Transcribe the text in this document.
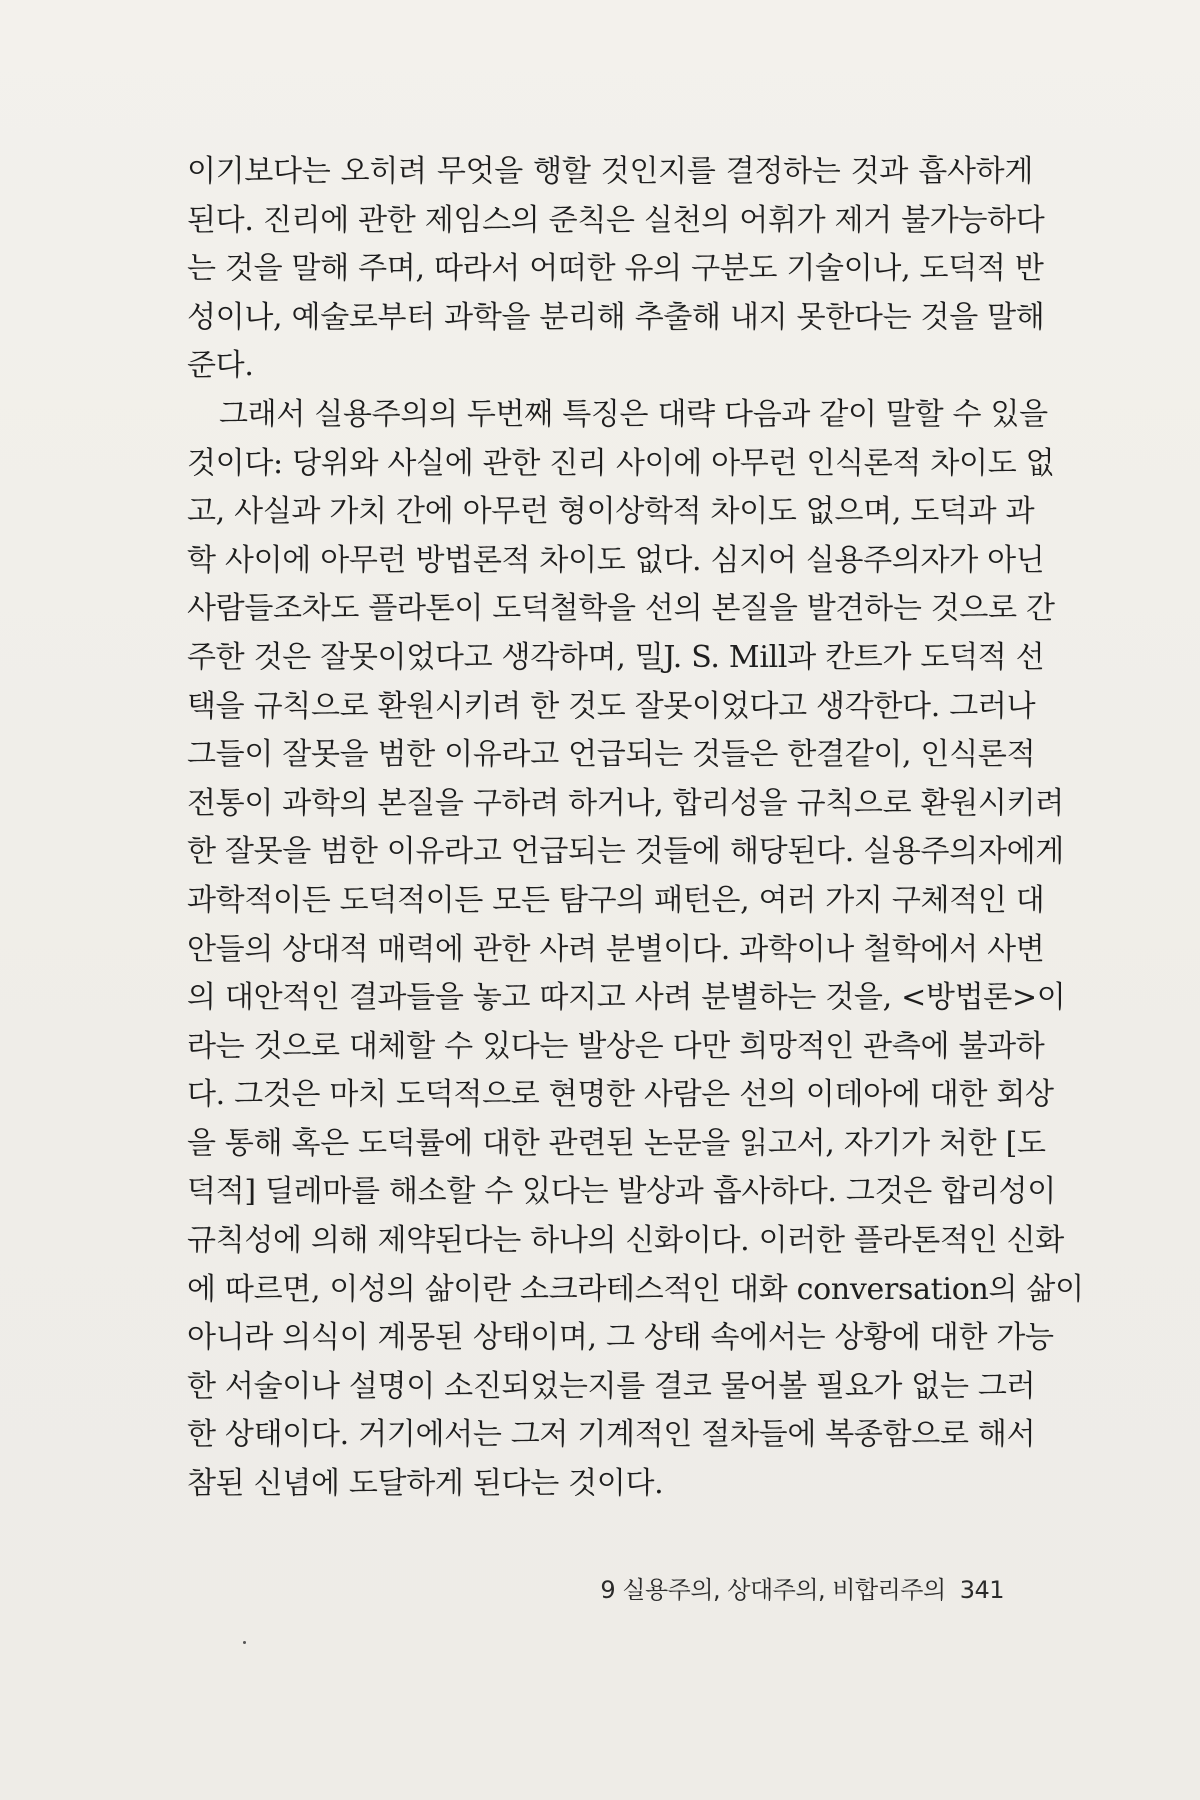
이기보다는 오히려 무엇을 행할 것인지를 결정하는 것과 흡사하게
된다. 진리에 관한 제임스의 준칙은 실천의 어휘가 제거 불가능하다
는 것을 말해 주며, 따라서 어떠한 유의 구분도 기술이나, 도덕적 반
성이나, 예술로부터 과학을 분리해 추출해 내지 못한다는 것을 말해
준다.
그래서 실용주의의 두번째 특징은 대략 다음과 같이 말할 수 있을
것이다: 당위와 사실에 관한 진리 사이에 아무런 인식론적 차이도 없
고, 사실과 가치 간에 아무런 형이상학적 차이도 없으며, 도덕과 과
학 사이에 아무런 방법론적 차이도 없다. 심지어 실용주의자가 아닌
사람들조차도 플라톤이 도덕철학을 선의 본질을 발견하는 것으로 간
주한 것은 잘못이었다고 생각하며, 밀J. S. Mill과 칸트가 도덕적 선
택을 규칙으로 환원시키려 한 것도 잘못이었다고 생각한다. 그러나
그들이 잘못을 범한 이유라고 언급되는 것들은 한결같이, 인식론적
전통이 과학의 본질을 구하려 하거나, 합리성을 규칙으로 환원시키려
한 잘못을 범한 이유라고 언급되는 것들에 해당된다. 실용주의자에게
과학적이든 도덕적이든 모든 탐구의 패턴은, 여러 가지 구체적인 대
안들의 상대적 매력에 관한 사려 분별이다. 과학이나 철학에서 사변
의 대안적인 결과들을 놓고 따지고 사려 분별하는 것을, <방법론>이
라는 것으로 대체할 수 있다는 발상은 다만 희망적인 관측에 불과하
다. 그것은 마치 도덕적으로 현명한 사람은 선의 이데아에 대한 회상
을 통해 혹은 도덕률에 대한 관련된 논문을 읽고서, 자기가 처한 [도
덕적] 딜레마를 해소할 수 있다는 발상과 흡사하다. 그것은 합리성이
규칙성에 의해 제약된다는 하나의 신화이다. 이러한 플라톤적인 신화
에 따르면, 이성의 삶이란 소크라테스적인 대화 conversation의 삶이
아니라 의식이 계몽된 상태이며, 그 상태 속에서는 상황에 대한 가능
한 서술이나 설명이 소진되었는지를 결코 물어볼 필요가 없는 그러
한 상태이다. 거기에서는 그저 기계적인 절차들에 복종함으로 해서
참된 신념에 도달하게 된다는 것이다.
9 실용주의, 상대주의, 비합리주의 341
